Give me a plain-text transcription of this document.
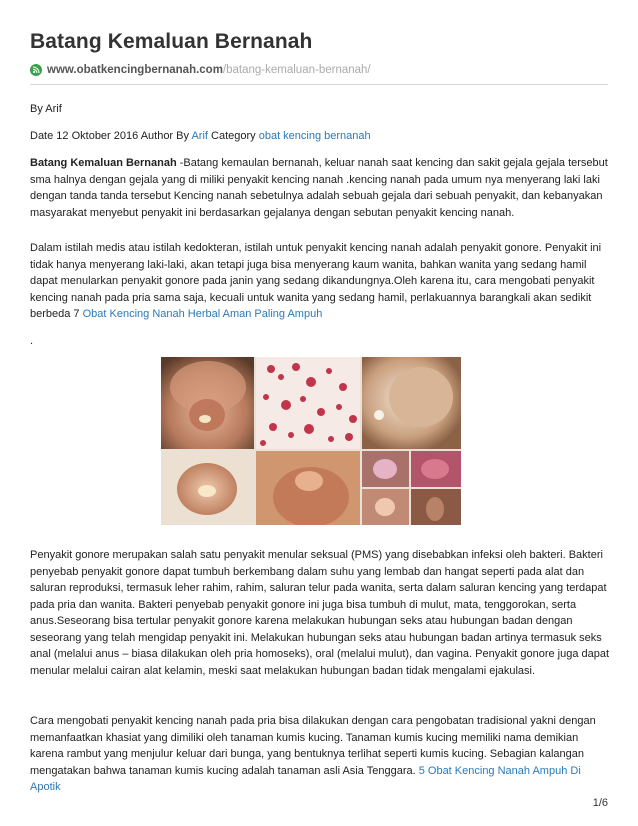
Batang Kemaluan Bernanah
www.obatkencingbernanah.com /batang-kemaluan-bernanah/

By Arif

Date 12 Oktober 2016 Author By Arif Category obat kencing bernanah

Batang Kemaluan Bernanah -Batang kemaulan bernanah, keluar nanah saat kencing dan sakit gejala gejala tersebut sma halnya dengan gejala yang di miliki penyakit kencing nanah .kencing nanah pada umum nya menyerang laki laki dengan tanda tanda tersebut Kencing nanah sebetulnya adalah sebuah gejala dari sebuah penyakit, dan kebanyakan masyarakat menyebut penyakit ini berdasarkan gejalanya dengan sebutan penyakit kencing nanah.

Dalam istilah medis atau istilah kedokteran, istilah untuk penyakit kencing nanah adalah penyakit gonore. Penyakit ini tidak hanya menyerang laki-laki, akan tetapi juga bisa menyerang kaum wanita, bahkan wanita yang sedang hamil dapat menularkan penyakit gonore pada janin yang sedang dikandungnya.Oleh karena itu, cara mengobati penyakit kencing nanah pada pria sama saja, kecuali untuk wanita yang sedang hamil, perlakuannya barangkali akan sedikit berbeda 7 Obat Kencing Nanah Herbal Aman Paling Ampuh

.

Penyakit gonore merupakan salah satu penyakit menular seksual (PMS) yang disebabkan infeksi oleh bakteri. Bakteri penyebab penyakit gonore dapat tumbuh berkembang dalam suhu yang lembab dan hangat seperti pada alat dan saluran reproduksi, termasuk leher rahim, rahim, saluran telur pada wanita, serta dalam saluran kencing yang terdapat pada pria dan wanita. Bakteri penyebab penyakit gonore ini juga bisa tumbuh di mulut, mata, tenggorokan, serta anus.Seseorang bisa tertular penyakit gonore karena melakukan hubungan seks atau hubungan badan dengan seseorang yang telah mengidap penyakit ini. Melakukan hubungan seks atau hubungan badan artinya termasuk seks anal (melalui anus – biasa dilakukan oleh pria homoseks), oral (melalui mulut), dan vagina. Penyakit gonore juga dapat menular melalui cairan alat kelamin, meski saat melakukan hubungan badan tidak mengalami ejakulasi.

Cara mengobati penyakit kencing nanah pada pria bisa dilakukan dengan cara pengobatan tradisional yakni dengan memanfaatkan khasiat yang dimiliki oleh tanaman kumis kucing. Tanaman kumis kucing memiliki nama demikian karena rambut yang menjulur keluar dari bunga, yang bentuknya terlihat seperti kumis kucing. Sebagian kalangan mengatakan bahwa tanaman kumis kucing adalah tanaman asli Asia Tenggara. 5 Obat Kencing Nanah Ampuh Di Apotik

1/6
